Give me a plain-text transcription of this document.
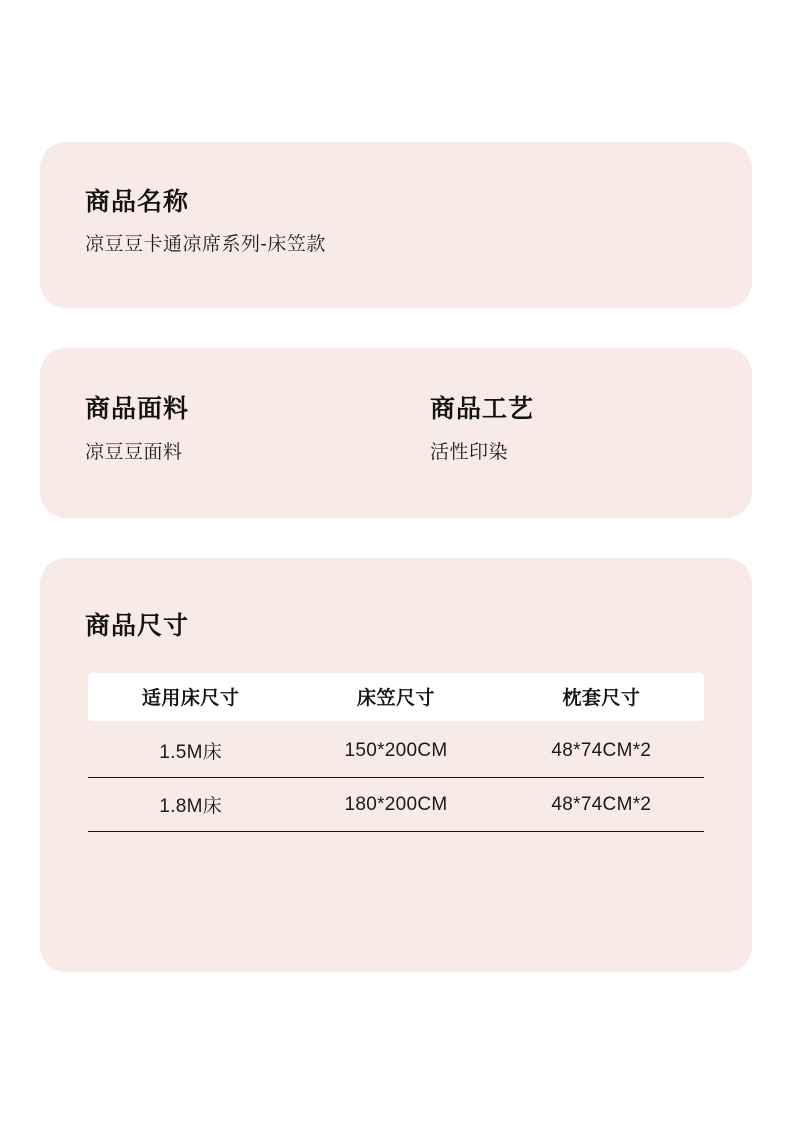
商品名称
凉豆豆卡通凉席系列-床笠款
商品面料
凉豆豆面料
商品工艺
活性印染
商品尺寸
适用床尺寸	床笠尺寸	枕套尺寸
1.5M床	150*200CM	48*74CM*2
1.8M床	180*200CM	48*74CM*2
